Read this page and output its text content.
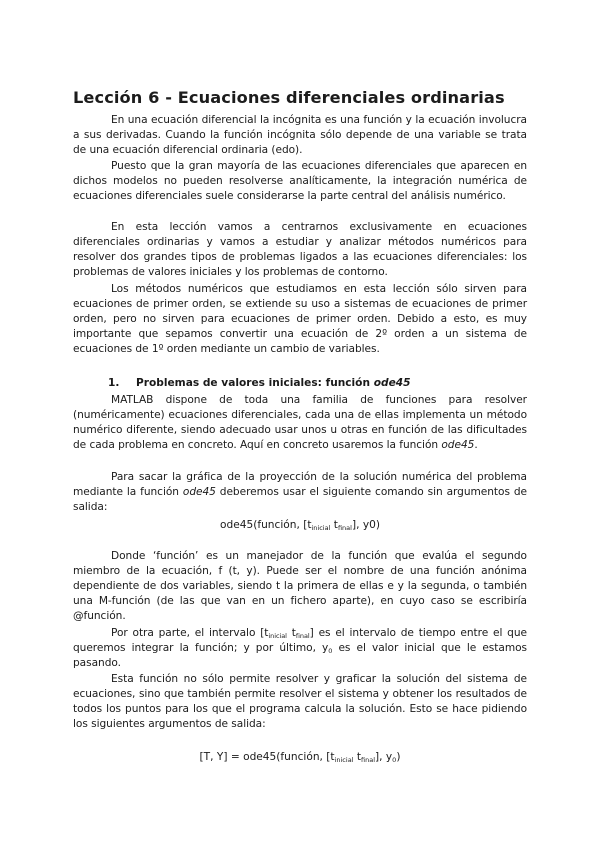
Lección 6 - Ecuaciones diferenciales ordinarias

En una ecuación diferencial la incógnita es una función y la ecuación involucra a sus derivadas. Cuando la función incógnita sólo depende de una variable se trata de una ecuación diferencial ordinaria (edo).

Puesto que la gran mayoría de las ecuaciones diferenciales que aparecen en dichos modelos no pueden resolverse analíticamente, la integración numérica de ecuaciones diferenciales suele considerarse la parte central del análisis numérico.

En esta lección vamos a centrarnos exclusivamente en ecuaciones diferenciales ordinarias y vamos a estudiar y analizar métodos numéricos para resolver dos grandes tipos de problemas ligados a las ecuaciones diferenciales: los problemas de valores iniciales y los problemas de contorno.

Los métodos numéricos que estudiamos en esta lección sólo sirven para ecuaciones de primer orden, se extiende su uso a sistemas de ecuaciones de primer orden, pero no sirven para ecuaciones de primer orden. Debido a esto, es muy importante que sepamos convertir una ecuación de 2º orden a un sistema de ecuaciones de 1º orden mediante un cambio de variables.

1. Problemas de valores iniciales: función ode45

MATLAB dispone de toda una familia de funciones para resolver (numéricamente) ecuaciones diferenciales, cada una de ellas implementa un método numérico diferente, siendo adecuado usar unos u otras en función de las dificultades de cada problema en concreto. Aquí en concreto usaremos la función ode45.

Para sacar la gráfica de la proyección de la solución numérica del problema mediante la función ode45 deberemos usar el siguiente comando sin argumentos de salida:

ode45(función, [$t_{inicial}$ $t_{final}$], y0)

Donde ‘función’ es un manejador de la función que evalúa el segundo miembro de la ecuación, f (t, y). Puede ser el nombre de una función anónima dependiente de dos variables, siendo t la primera de ellas e y la segunda, o también una M-función (de las que van en un fichero aparte), en cuyo caso se escribiría @función.

Por otra parte, el intervalo [$t_{inicial}$ $t_{final}$] es el intervalo de tiempo entre el que queremos integrar la función; y por último, $y_0$ es el valor inicial que le estamos pasando.

Esta función no sólo permite resolver y graficar la solución del sistema de ecuaciones, sino que también permite resolver el sistema y obtener los resultados de todos los puntos para los que el programa calcula la solución. Esto se hace pidiendo los siguientes argumentos de salida:

[T, Y] = ode45(función, [$t_{inicial}$ $t_{final}$], $y_0$)
